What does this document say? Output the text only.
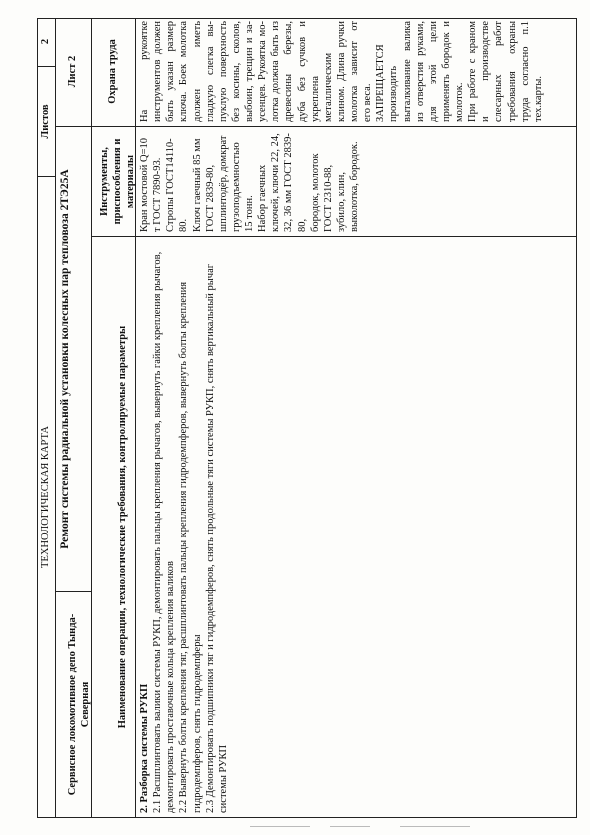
ТЕХНОЛОГИЧЕСКАЯ КАРТА
Листов
2
Сервисное локомотивное депо Тында-Северная
Ремонт системы радиальной установки колесных пар тепловоза 2ТЭ25А
Лист 2
Наименование операции, технологические требования, контролируемые параметры
Инструменты, приспособления и материалы
Охрана труда

2. Разборка системы РУКП 2.1 Расшплинтовать валики системы РУКП, демонтировать пальцы крепления рычагов, вывернуть гайки крепления рычагов, демонтировать проставочные кольца крепления валиков 2.2 Вывернуть болты крепления тяг, расшплинтовать пальцы крепления гидродемпферов, вывернуть болты крепления гидродемпферов, снять гидродемпферы 2.3 Демонтировать подшипники тяг и гидродемпферов, снять продольные тяги системы РУКП, снять вертикальный рычаг системы РУКП

Кран мостовой Q=10 т ГОСТ 7890-93. Стропы ГОСТ14110-80. Ключ гаечный 85 мм ГОСТ 2839-80, шплинтодёр, домкрат грузоподъемностью 15 тонн. Набор гаечных ключей, ключи 22, 24, 32, 36 мм ГОСТ 2839-80, бородок, молоток ГОСТ 2310-88, зубило, клин, выколотка, бородок.

На рукоятке инструментов должен быть указан размер ключа. Боек молотка должен иметь гладкую слегка выпуклую поверхность без косины, сколов, выбоин, трещин и заусенцев. Рукоятка молотка должна быть из древесины березы, дуба без сучков и укреплена металлическим клином. Длина ручки молотка зависит от его веса. ЗАПРЕЩАЕТСЯ производить выталкивание валика из отверстия руками, для этой цели применять бородок и молоток. При работе с краном и производстве слесарных работ требования охраны труда согласно п.1 тех.карты.
